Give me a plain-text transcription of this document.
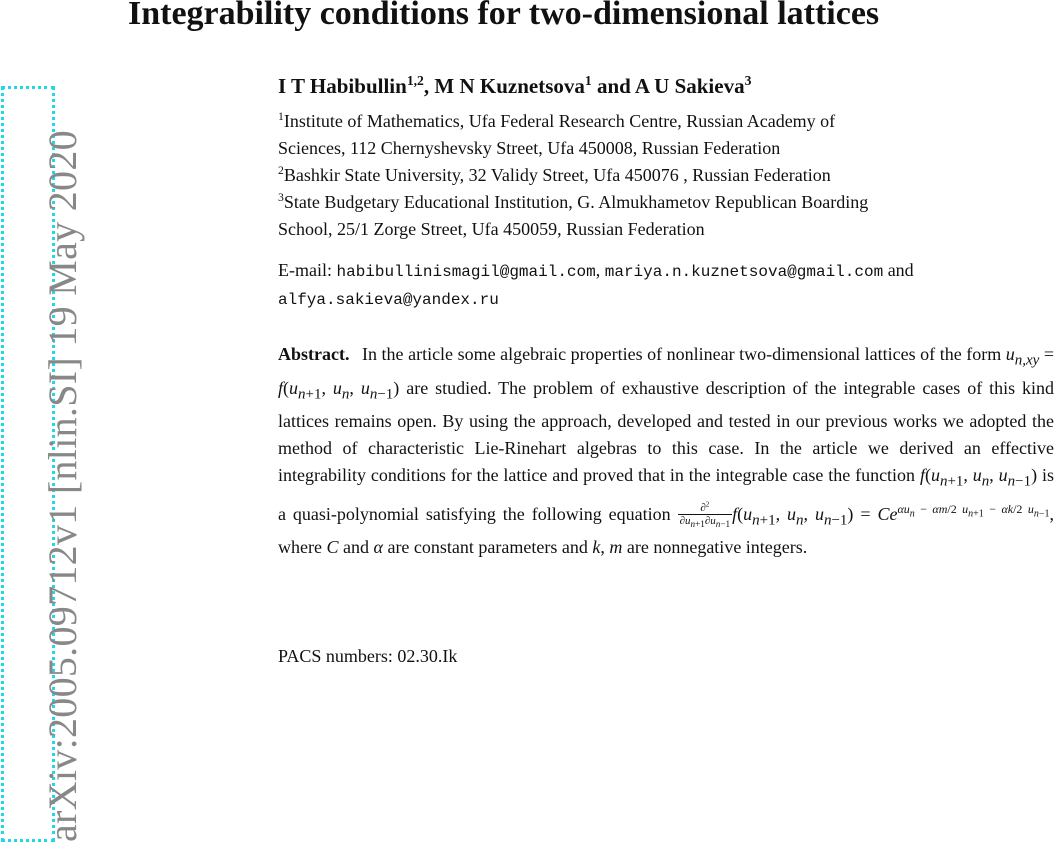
arXiv:2005.09712v1 [nlin.SI] 19 May 2020
Integrability conditions for two-dimensional lattices
I T Habibullin$^{1,2}$, M N Kuznetsova$^1$ and A U Sakieva$^3$
$^1$Institute of Mathematics, Ufa Federal Research Centre, Russian Academy of
Sciences, 112 Chernyshevsky Street, Ufa 450008, Russian Federation
$^2$Bashkir State University, 32 Validy Street, Ufa 450076 , Russian Federation
$^3$State Budgetary Educational Institution, G. Almukhametov Republican Boarding
School, 25/1 Zorge Street, Ufa 450059, Russian Federation
E-mail: habibullinismagil@gmail.com, mariya.n.kuznetsova@gmail.com and
alfya.sakieva@yandex.ru
Abstract. In the article some algebraic properties of nonlinear two-dimensional lattices of the form $u_{n,xy} = f(u_{n+1}$, $u_n$, $u_{n-1}$) are studied. The problem of exhaustive description of the integrable cases of this kind lattices remains open. By using the approach, developed and tested in our previous works we adopted the method of characteristic Lie-Rinehart algebras to this case. In the article we derived an effective integrability conditions for the lattice and proved that in the integrable case the function $f(u_{n+1}$, $u_n$, $u_{n-1}$) is a quasi-polynomial satisfying the following equation $\frac{\partial^2}{\partial u_{n+1}\partial u_{n-1}} f(u_{n+1}$, $u_n$, $u_{n-1}) = Ce^{\alpha u_n - \alpha m/2 u_{n+1} - \alpha k/2 u_{n-1}}$, where C and α are constant parameters and k, m are nonnegative integers.
PACS numbers: 02.30.Ik
